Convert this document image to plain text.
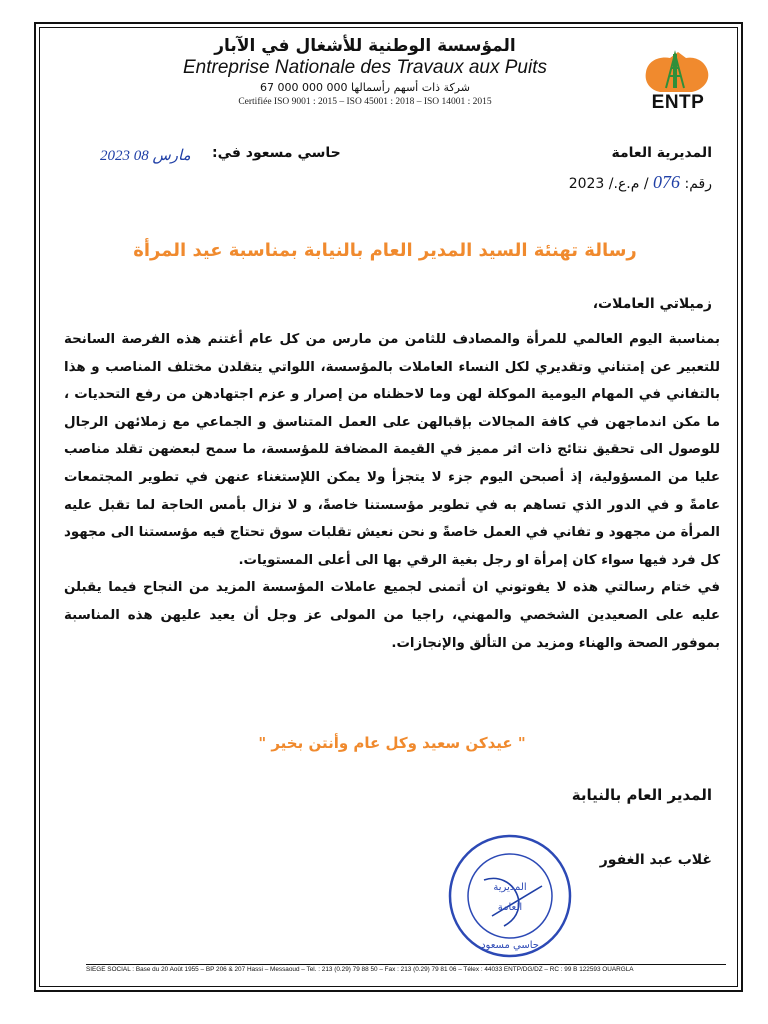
المؤسسة الوطنية للأشغال في الآبار
Entreprise Nationale des Travaux aux Puits
شركة ذات أسهم رأسمالها 000 000 000 67
Certifiée ISO 9001 : 2015 – ISO 45001 : 2018 – ISO 14001 : 2015	ENTP
المديرية العامة
رقم: 076 / م.ع./ 2023
حاسي مسعود في:
2023 مارس 08
رسالة تهنئة السيد المدير العام بالنيابة بمناسبة عيد المرأة
زميلاتي العاملات،

بمناسبة اليوم العالمي للمرأة والمصادف للثامن من مارس من كل عام أغتنم هذه الفرصة السانحة للتعبير عن إمتناني وتقديري لكل النساء العاملات بالمؤسسة، اللواتي يتقلدن مختلف المناصب و هذا بالتفاني في المهام اليومية الموكلة لهن وما لاحظناه من إصرار و عزم اجتهادهن من رفع التحديات ، ما مكن اندماجهن في كافة المجالات بإقبالهن على العمل المتناسق و الجماعي مع زملائهن الرجال للوصول الى تحقيق نتائج ذات اثر مميز في القيمة المضافة للمؤسسة، ما سمح لبعضهن تقلد مناصب عليا من المسؤولية، إذ أصبحن اليوم جزء لا يتجزأ ولا يمكن اللإستغناء عنهن في تطوير المجتمعات عامةً و في الدور الذي تساهم به في تطوير مؤسستنا خاصةً، و لا نزال بأمس الحاجة لما تقبل عليه المرأة من مجهود و تفاني في العمل خاصةً و نحن نعيش تقلبات سوق تحتاج فيه مؤسستنا الى مجهود كل فرد فيها سواء كان إمرأة او رجل بغية الرقي بها الى أعلى المستويات.

في ختام رسالتي هذه لا يفوتوني ان أتمنى لجميع عاملات المؤسسة المزيد من النجاح فيما يقبلن عليه على الصعيدين الشخصي والمهني، راجيا من المولى عز وجل أن يعيد عليهن هذه المناسبة بموفور الصحة والهناء ومزيد من التألق والإنجازات.

" عيدكن سعيد وكل عام وأنتن بخير "
المدير العام بالنيابة
غلاب عبد الغفور
المديرية
العامة
حاسي مسعود
SIEGE SOCIAL : Base du 20 Août 1955 – BP 206 & 207 Hassi – Messaoud – Tel. : 213 (0.29) 79 88 50 – Fax : 213 (0.29) 79 81 06 – Télex : 44033 ENTP/DG/DZ – RC : 99 B 122593 OUARGLA
